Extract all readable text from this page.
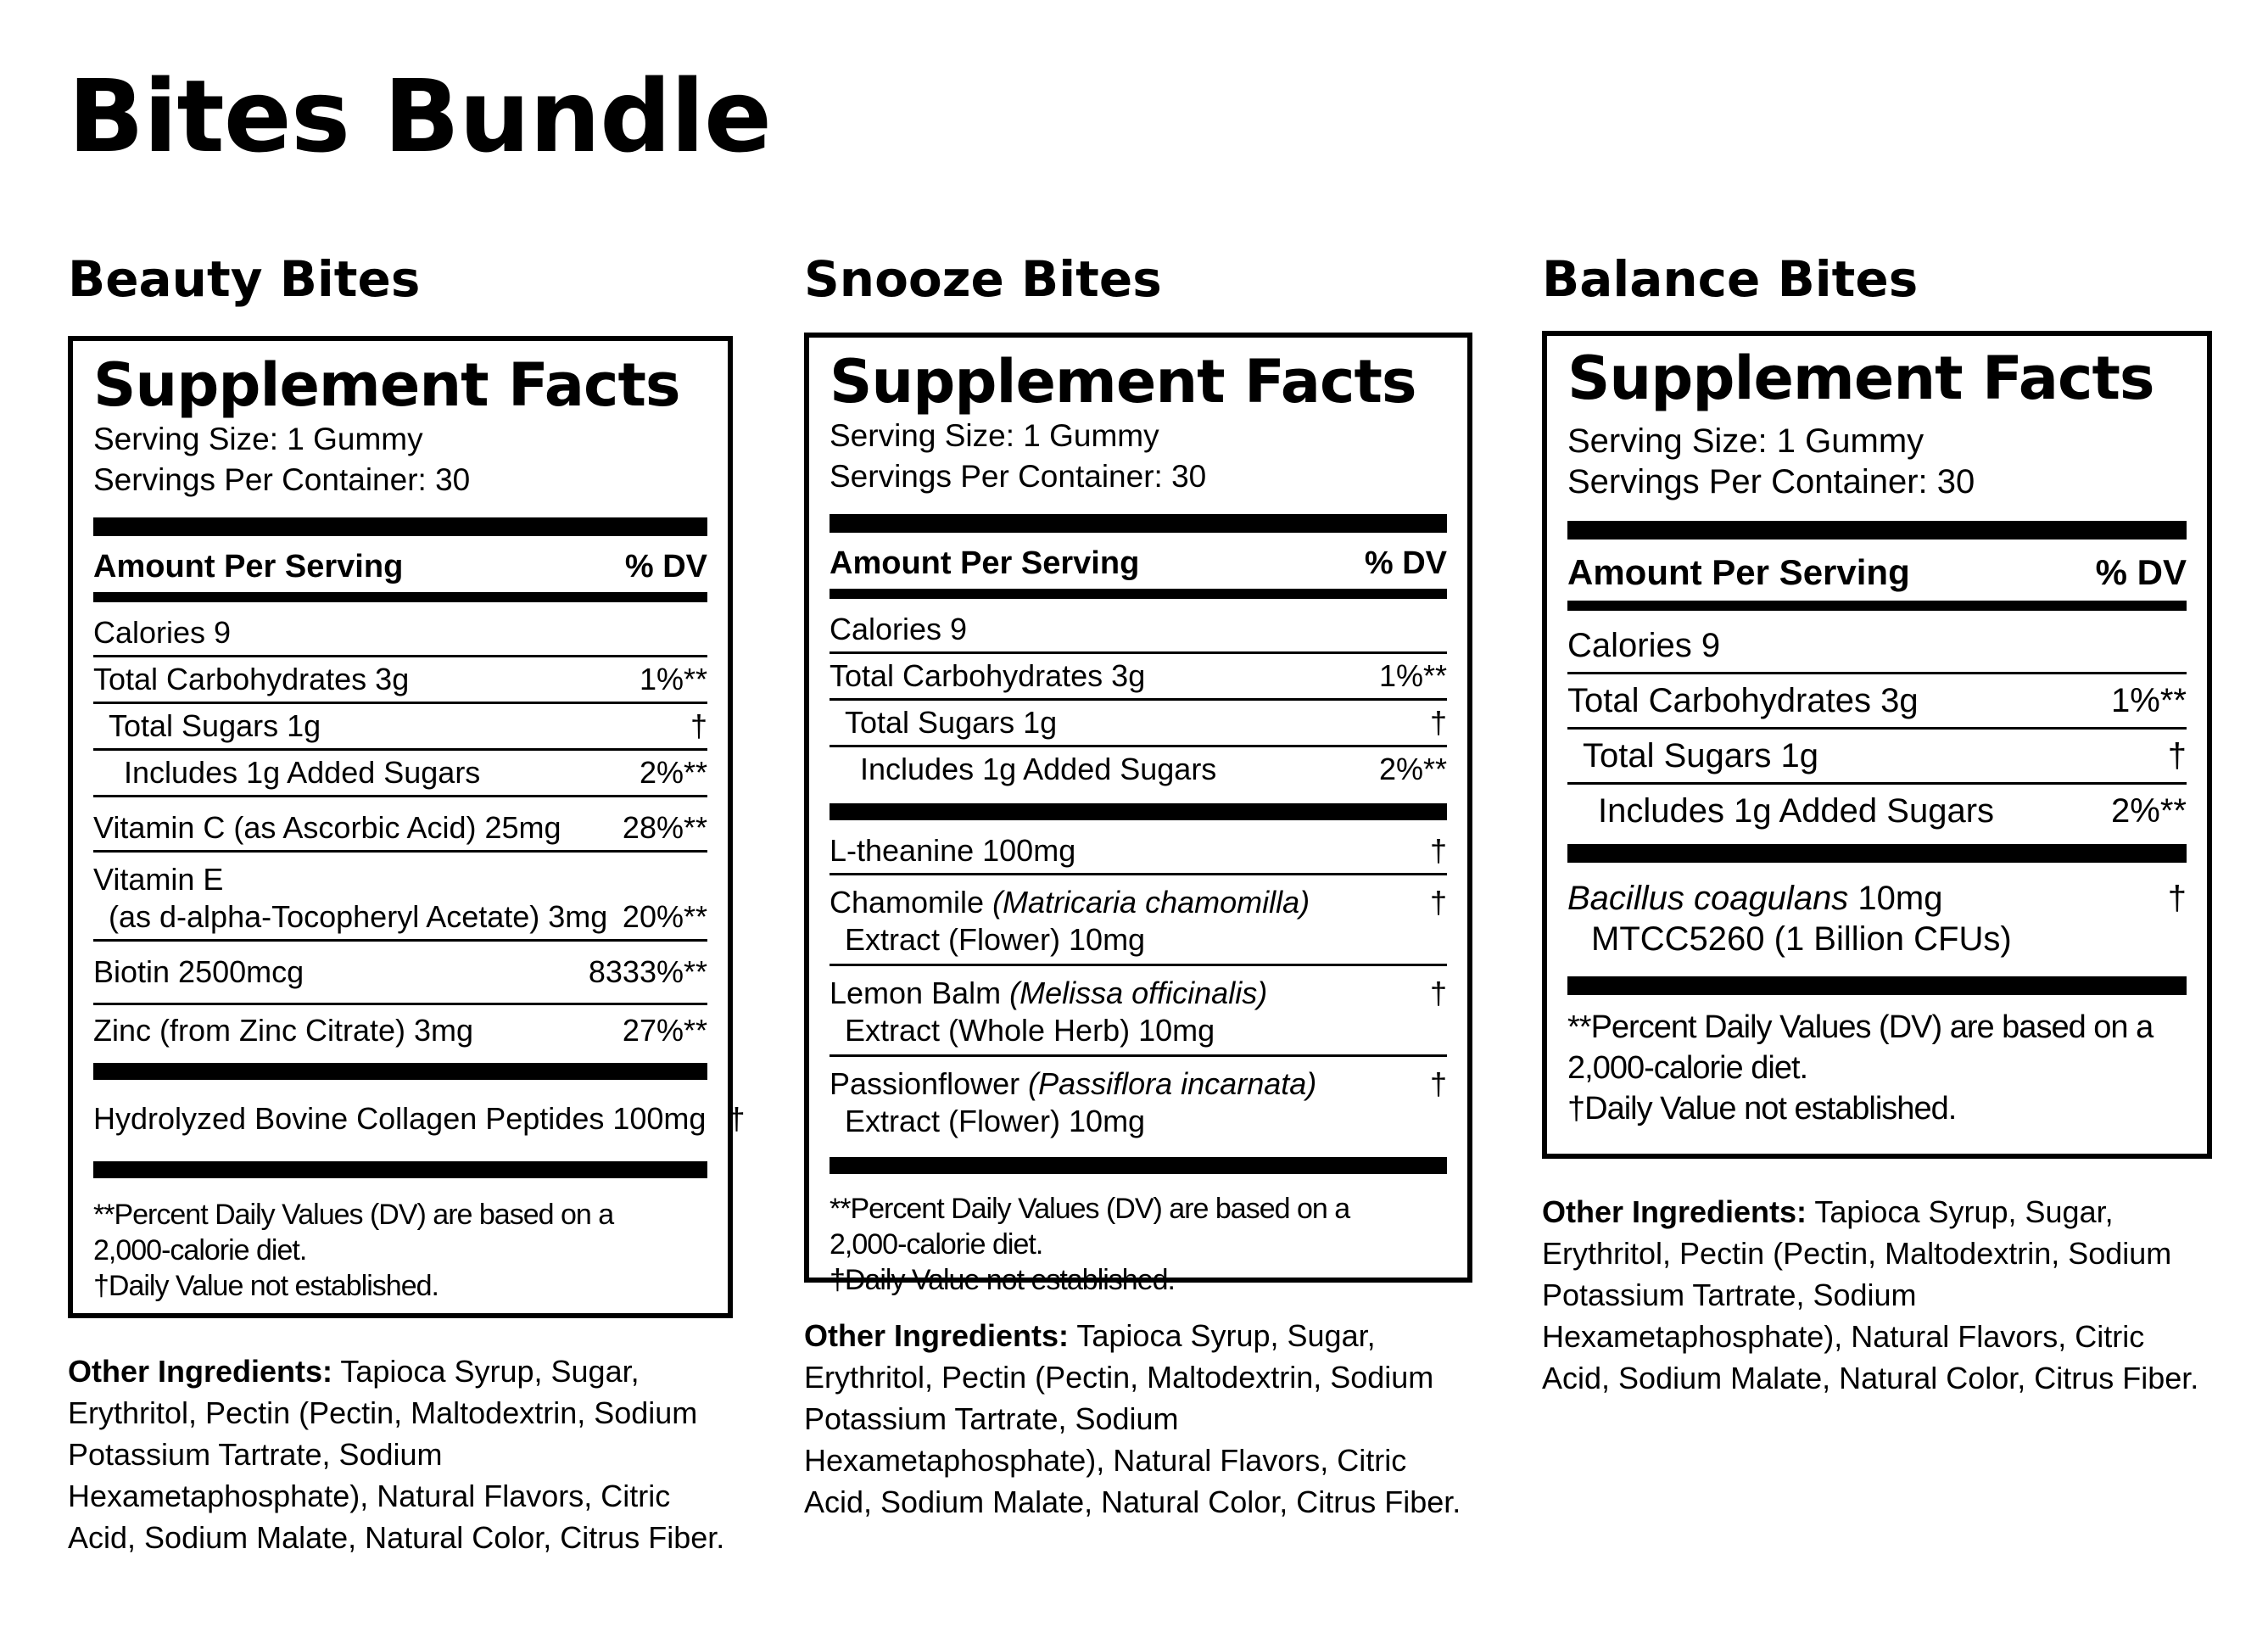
Bites Bundle
Beauty Bites
Supplement Facts
Serving Size: 1 Gummy
Servings Per Container: 30
Amount Per Serving	% DV
Calories 9
Total Carbohydrates 3g	1%**
Total Sugars 1g	†
Includes 1g Added Sugars	2%**
Vitamin C (as Ascorbic Acid) 25mg 28%**
Vitamin E
(as d-alpha-Tocopheryl Acetate) 3mg 20%**
Biotin 2500mcg	8333%**
Zinc (from Zinc Citrate) 3mg	27%**
Hydrolyzed Bovine Collagen Peptides 100mg †
**Percent Daily Values (DV) are based on a
2,000-calorie diet.
†Daily Value not established.
Other Ingredients: Tapioca Syrup, Sugar, Erythritol, Pectin (Pectin, Maltodextrin, Sodium Potassium Tartrate, Sodium Hexametaphosphate), Natural Flavors, Citric Acid, Sodium Malate, Natural Color, Citrus Fiber.
Snooze Bites
Supplement Facts
Serving Size: 1 Gummy
Servings Per Container: 30
Amount Per Serving	% DV
Calories 9
Total Carbohydrates 3g	1%**
Total Sugars 1g	†
Includes 1g Added Sugars	2%**
L-theanine 100mg	†
Chamomile (Matricaria chamomilla)
Extract (Flower) 10mg
†
Lemon Balm (Melissa officinalis)
Extract (Whole Herb) 10mg
†
Passionflower (Passiflora incarnata)
Extract (Flower) 10mg
†
**Percent Daily Values (DV) are based on a
2,000-calorie diet.
†Daily Value not established.
Other Ingredients: Tapioca Syrup, Sugar, Erythritol, Pectin (Pectin, Maltodextrin, Sodium Potassium Tartrate, Sodium Hexametaphosphate), Natural Flavors, Citric Acid, Sodium Malate, Natural Color, Citrus Fiber.
Balance Bites
Supplement Facts
Serving Size: 1 Gummy
Servings Per Container: 30
Amount Per Serving	% DV
Calories 9
Total Carbohydrates 3g	1%**
Total Sugars 1g	†
Includes 1g Added Sugars	2%**
Bacillus coagulans 10mg
MTCC5260 (1 Billion CFUs)
†
**Percent Daily Values (DV) are based on a
2,000-calorie diet.
†Daily Value not established.
Other Ingredients: Tapioca Syrup, Sugar, Erythritol, Pectin (Pectin, Maltodextrin, Sodium Potassium Tartrate, Sodium Hexametaphosphate), Natural Flavors, Citric Acid, Sodium Malate, Natural Color, Citrus Fiber.
